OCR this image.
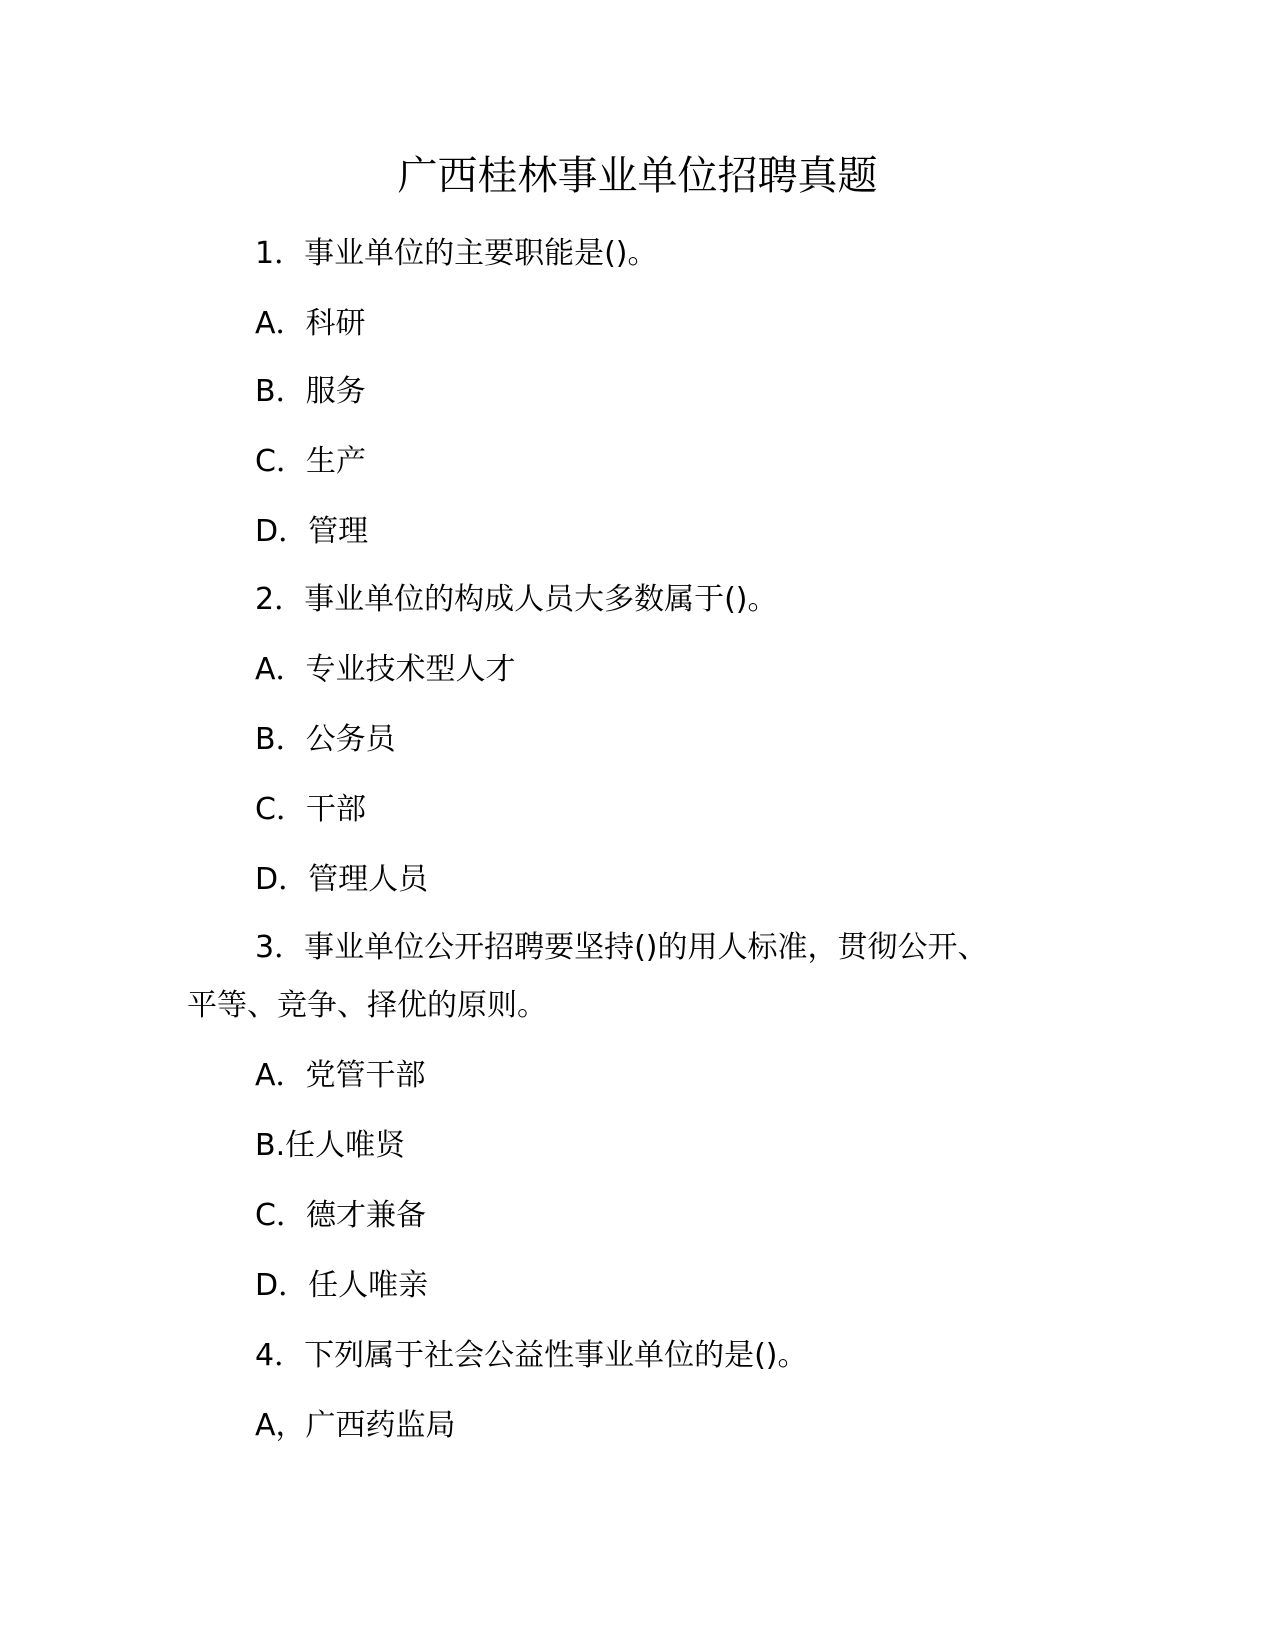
广西桂林事业单位招聘真题

1．事业单位的主要职能是()。

A．科研

B．服务

C．生产

D．管理

2．事业单位的构成人员大多数属于()。

A．专业技术型人才

B．公务员

C．干部

D．管理人员

3．事业单位公开招聘要坚持()的用人标准，贯彻公开、

平等、竞争、择优的原则。

A．党管干部

B.任人唯贤

C．德才兼备

D．任人唯亲

4．下列属于社会公益性事业单位的是()。

A，广西药监局
